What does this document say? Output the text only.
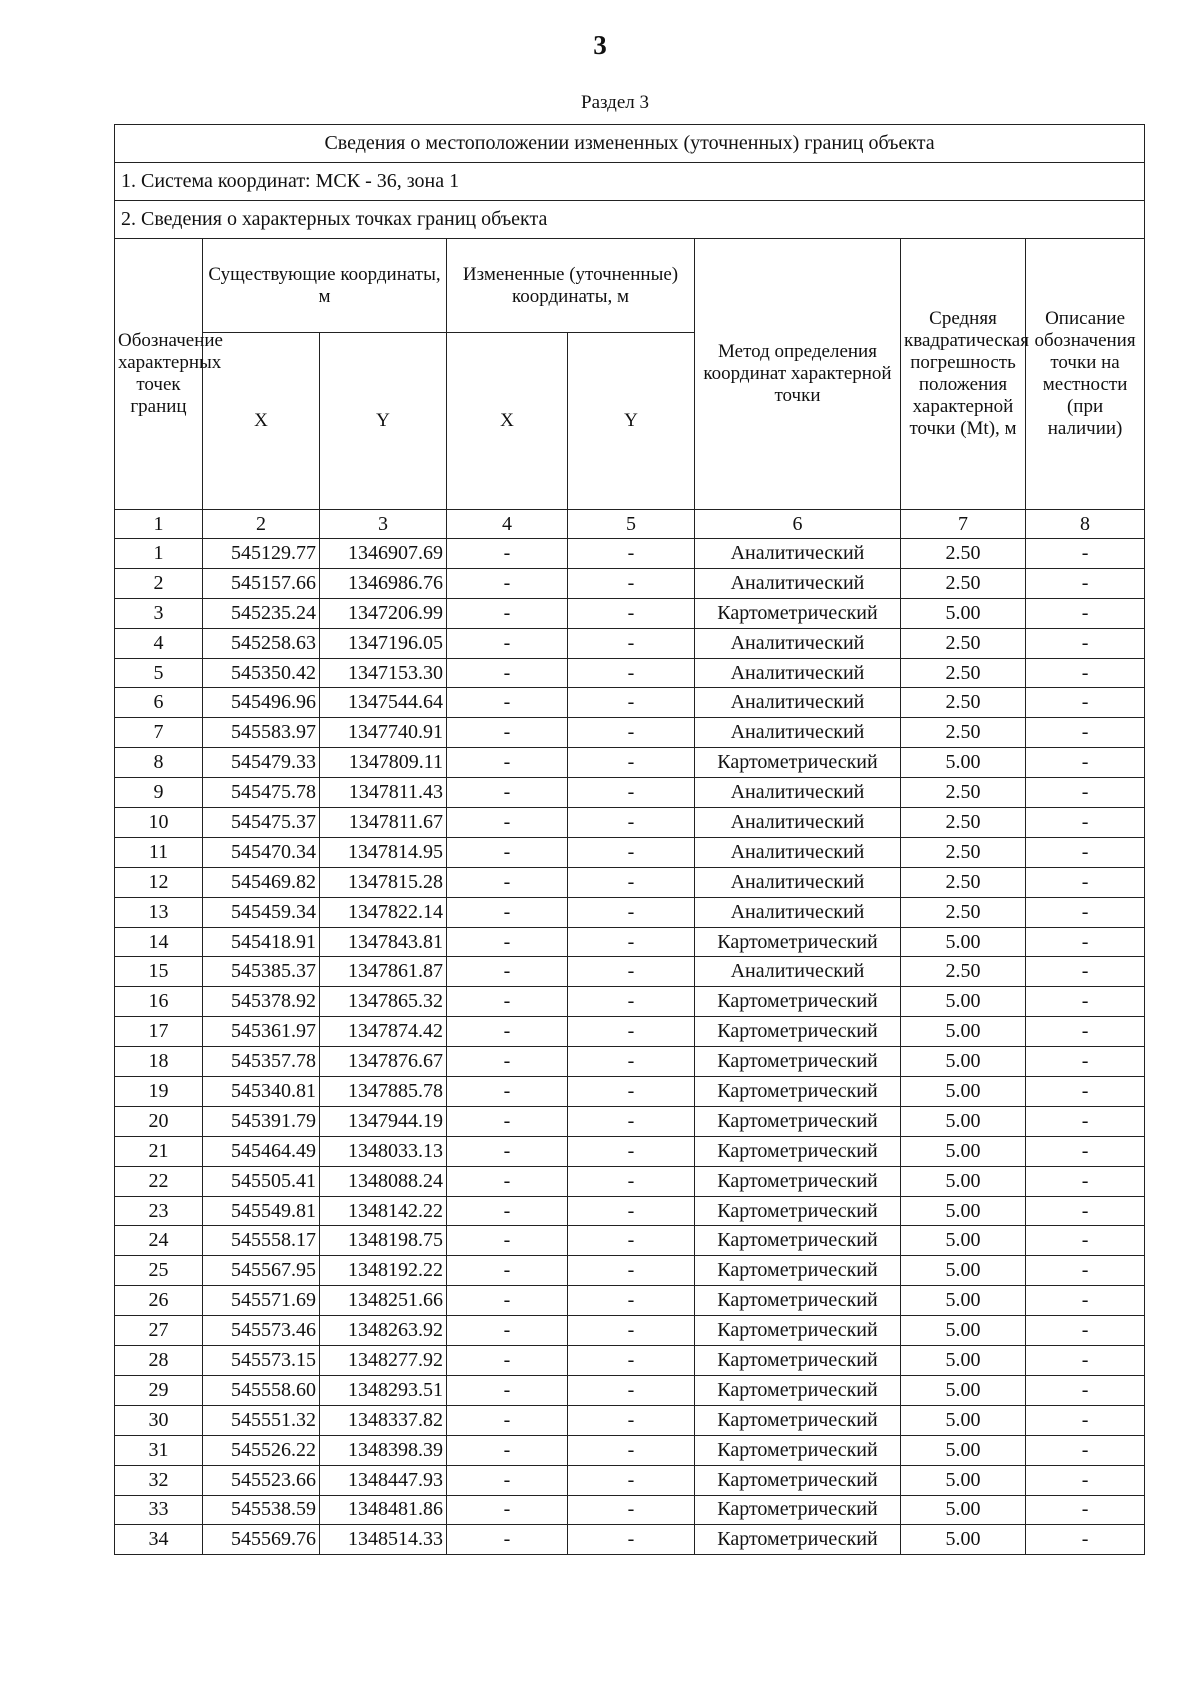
3
Раздел 3
Сведения о местоположении измененных (уточненных) границ объекта							
1. Система координат: МСК - 36, зона 1							
2. Сведения о характерных точках границ объекта							
Обозначение характерных точек границ	Существующие координаты, м		Измененные (уточненные) координаты, м		Метод определения координат характерной точки	Средняя квадратическая погрешность положения характерной точки (Mt), м	Описание обозначения точки на местности (при наличии)
	X	Y	X	Y			
1	2	3	4	5	6	7	8
1	545129.77	1346907.69	-	-	Аналитический	2.50	-
2	545157.66	1346986.76	-	-	Аналитический	2.50	-
3	545235.24	1347206.99	-	-	Картометрический	5.00	-
4	545258.63	1347196.05	-	-	Аналитический	2.50	-
5	545350.42	1347153.30	-	-	Аналитический	2.50	-
6	545496.96	1347544.64	-	-	Аналитический	2.50	-
7	545583.97	1347740.91	-	-	Аналитический	2.50	-
8	545479.33	1347809.11	-	-	Картометрический	5.00	-
9	545475.78	1347811.43	-	-	Аналитический	2.50	-
10	545475.37	1347811.67	-	-	Аналитический	2.50	-
11	545470.34	1347814.95	-	-	Аналитический	2.50	-
12	545469.82	1347815.28	-	-	Аналитический	2.50	-
13	545459.34	1347822.14	-	-	Аналитический	2.50	-
14	545418.91	1347843.81	-	-	Картометрический	5.00	-
15	545385.37	1347861.87	-	-	Аналитический	2.50	-
16	545378.92	1347865.32	-	-	Картометрический	5.00	-
17	545361.97	1347874.42	-	-	Картометрический	5.00	-
18	545357.78	1347876.67	-	-	Картометрический	5.00	-
19	545340.81	1347885.78	-	-	Картометрический	5.00	-
20	545391.79	1347944.19	-	-	Картометрический	5.00	-
21	545464.49	1348033.13	-	-	Картометрический	5.00	-
22	545505.41	1348088.24	-	-	Картометрический	5.00	-
23	545549.81	1348142.22	-	-	Картометрический	5.00	-
24	545558.17	1348198.75	-	-	Картометрический	5.00	-
25	545567.95	1348192.22	-	-	Картометрический	5.00	-
26	545571.69	1348251.66	-	-	Картометрический	5.00	-
27	545573.46	1348263.92	-	-	Картометрический	5.00	-
28	545573.15	1348277.92	-	-	Картометрический	5.00	-
29	545558.60	1348293.51	-	-	Картометрический	5.00	-
30	545551.32	1348337.82	-	-	Картометрический	5.00	-
31	545526.22	1348398.39	-	-	Картометрический	5.00	-
32	545523.66	1348447.93	-	-	Картометрический	5.00	-
33	545538.59	1348481.86	-	-	Картометрический	5.00	-
34	545569.76	1348514.33	-	-	Картометрический	5.00	-
